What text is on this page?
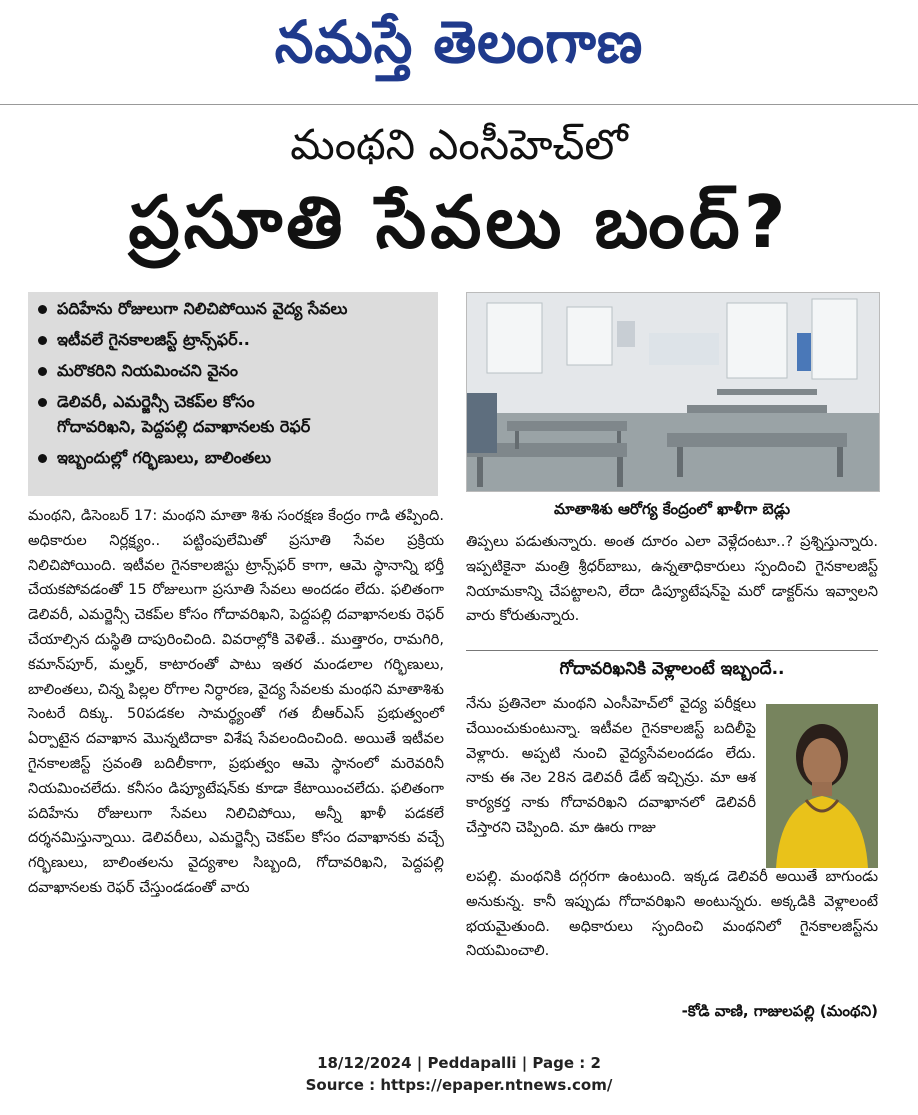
నమస్తే తెలంగాణ
మంథని ఎంసీహెచ్‌లో
ప్రసూతి సేవలు బంద్‌?
పదిహేను రోజులుగా నిలిచిపోయిన వైద్య సేవలు
ఇటీవలే గైనకాలజిస్ట్‌ ట్రాన్స్‌ఫర్‌..
మరొకరిని నియమించని వైనం
డెలివరీ, ఎమర్జెన్సీ చెకప్‌ల కోసం
గోదావరిఖని, పెద్దపల్లి దవాఖానలకు రెఫర్‌
ఇబ్బందుల్లో గర్భిణులు, బాలింతలు
మాతాశిశు ఆరోగ్య కేంద్రంలో ఖాళీగా బెడ్లు

మంథని, డిసెంబర్‌ 17: మంథని మాతా శిశు సంరక్షణ కేంద్రం గాడి తప్పింది. అధికారుల నిర్లక్ష్యం.. పట్టింపులేమితో ప్రసూతి సేవల ప్రక్రియ నిలిచిపోయింది. ఇటీవల గైనకాలజిస్టు ట్రాన్స్‌ఫర్‌ కాగా, ఆమె స్థానాన్ని భర్తీ చేయకపోవడంతో 15 రోజులుగా ప్రసూతి సేవలు అందడం లేదు. ఫలితంగా డెలివరీ, ఎమర్జెన్సీ చెకప్‌ల కోసం గోదావరిఖని, పెద్దపల్లి దవాఖానలకు రెఫర్‌ చేయాల్సిన దుస్థితి దాపురించింది. వివరాల్లోకి వెళితే.. ముత్తారం, రామగిరి, కమాన్‌పూర్‌, మల్హర్‌, కాటారంతో పాటు ఇతర మండలాల గర్భిణులు, బాలింతలు, చిన్న పిల్లల రోగాల నిర్ధారణ, వైద్య సేవలకు మంథని మాతాశిశు సెంటరే దిక్కు. 50పడకల సామర్థ్యంతో గత బీఆర్‌ఎస్‌ ప్రభుత్వంలో ఏర్పాటైన దవాఖాన మొన్నటిదాకా విశేష సేవలందించింది. అయితే ఇటీవల గైనకాలజిస్ట్‌ స్రవంతి బదిలీకాగా, ప్రభుత్వం ఆమె స్థానంలో మరెవరినీ నియమించలేదు. కనీసం డిప్యూటేషన్‌కు కూడా కేటాయించలేదు. ఫలితంగా పదిహేను రోజులుగా సేవలు నిలిచిపోయి, అన్నీ ఖాళీ పడకలే దర్శనమిస్తున్నాయి. డెలివరీలు, ఎమర్జెన్సీ చెకప్‌ల కోసం దవాఖానకు వచ్చే గర్భిణులు, బాలింతలను వైద్యశాల సిబ్బంది, గోదావరిఖని, పెద్దపల్లి దవాఖానలకు రెఫర్‌ చేస్తుండడంతో వారు

తిప్పలు పడుతున్నారు. అంత దూరం ఎలా వెళ్లేదంటూ..? ప్రశ్నిస్తున్నారు. ఇప్పటికైనా మంత్రి శ్రీధర్‌బాబు, ఉన్నతాధికారులు స్పందించి గైనకాలజిస్ట్‌ నియామకాన్ని చేపట్టాలని, లేదా డిప్యూటేషన్‌పై మరో డాక్టర్‌ను ఇవ్వాలని వారు కోరుతున్నారు.

గోదావరిఖనికి వెళ్లాలంటే ఇబ్బందే..

నేను ప్రతినెలా మంథని ఎంసీహెచ్‌లో వైద్య పరీక్షలు చేయించుకుంటున్నా. ఇటీవల గైనకాలజిస్ట్‌ బదిలీపై వెళ్లారు. అప్పటి నుంచి వైద్యసేవలందడం లేదు. నాకు ఈ నెల 28న డెలివరీ డేట్‌ ఇచ్చిన్రు. మా ఆశ కార్యకర్త నాకు గోదావరిఖని దవాఖానలో డెలివరీ చేస్తారని చెప్పింది. మా ఊరు గాజు

లపల్లి. మంథనికి దగ్గరగా ఉంటుంది. ఇక్కడ డెలివరీ అయితే బాగుండు అనుకున్న. కానీ ఇప్పుడు గోదావరిఖని అంటున్నరు. అక్కడికి వెళ్లాలంటే భయమైతుంది. అధికారులు స్పందించి మంథనిలో గైనకాలజిస్ట్‌ను నియమించాలి.

-కోడి వాణి, గాజులపల్లి (మంథని)
18/12/2024 | Peddapalli | Page : 2
Source : https://epaper.ntnews.com/
